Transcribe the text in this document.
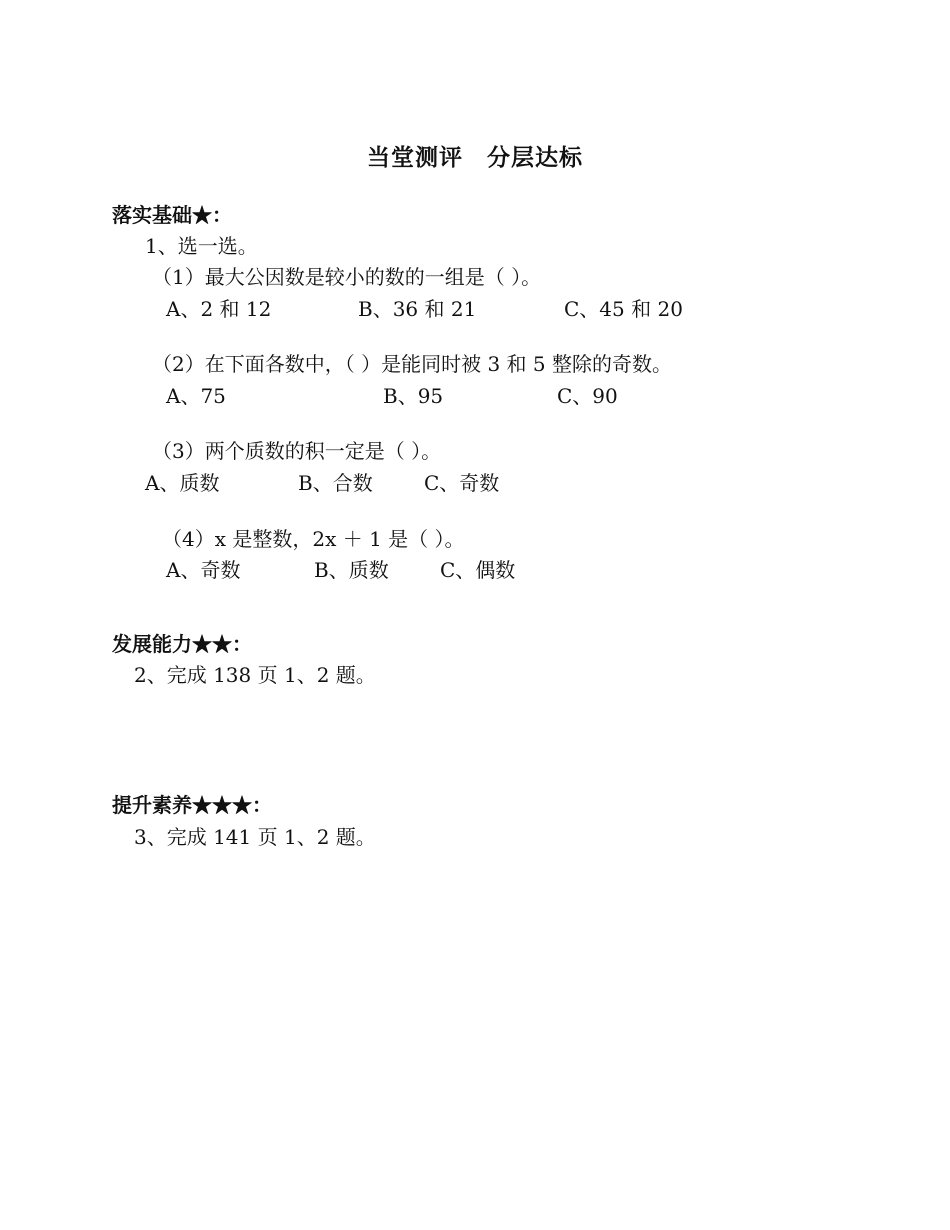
当堂测评　分层达标
落实基础★：
1、选一选。
（1）最大公因数是较小的数的一组是（ ）。
A、2 和 12	B、36 和 21	C、45 和 20
（2）在下面各数中，（ ）是能同时被 3 和 5 整除的奇数。
A、75	B、95	C、90
（3）两个质数的积一定是（ ）。
A、质数	B、合数	C、奇数
（4）x 是整数，2x ＋ 1 是（ ）。
A、奇数	B、质数	C、偶数
发展能力★★：
2、完成 138 页 1、2 题。
提升素养★★★：
3、完成 141 页 1、2 题。
